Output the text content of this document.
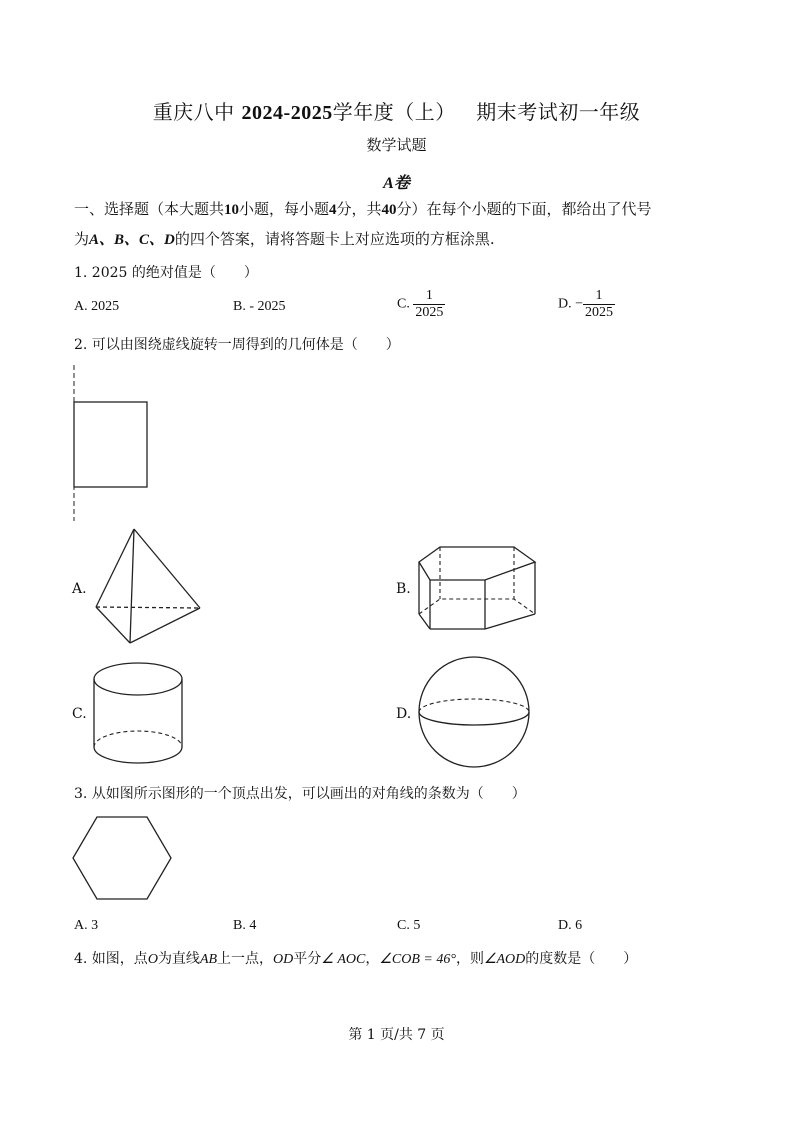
重庆八中 2024-2025学年度（上） 期末考试初一年级
数学试题
A卷
一、选择题（本大题共10小题，每小题4分，共40分）在每个小题的下面，都给出了代号
为A、B、C、D的四个答案，请将答题卡上对应选项的方框涂黑.
1. 2025 的绝对值是（　　）
A. 2025	B. - 2025	C. $\frac{1}{2025}$	D. − $\frac{1}{2025}$
2. 可以由图绕虚线旋转一周得到的几何体是（　　）
A.	B.
C.	D.
3. 从如图所示图形的一个顶点出发，可以画出的对角线的条数为（　　）
A. 3	B. 4	C. 5	D. 6
4. 如图，点O为直线AB上一点，OD平分∠ AOC，∠COB = 46°，则∠AOD的度数是（　　）
第 1 页/共 7 页
